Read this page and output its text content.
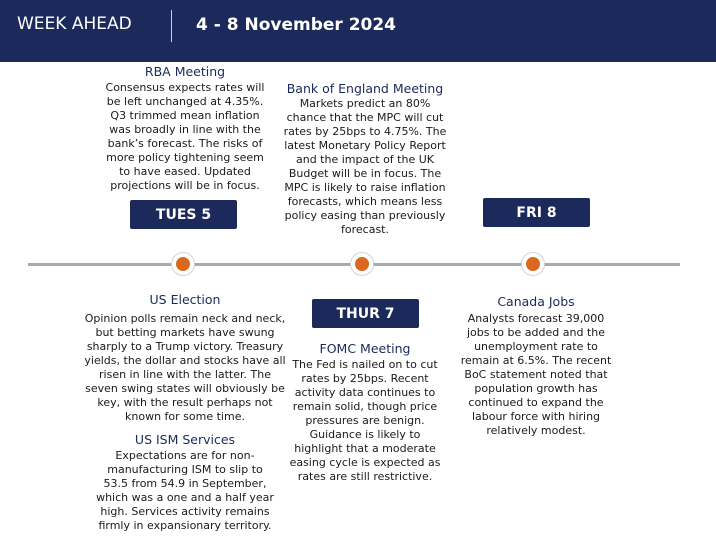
WEEK AHEAD	4 - 8 November 2024
RBA Meeting
Consensus expects rates will be left unchanged at 4.35%. Q3 trimmed mean inflation was broadly in line with the bank’s forecast. The risks of more policy tightening seem to have eased. Updated projections will be in focus.
Bank of England Meeting
Markets predict an 80% chance that the MPC will cut rates by 25bps to 4.75%. The latest Monetary Policy Report and the impact of the UK Budget will be in focus. The MPC is likely to raise inflation forecasts, which means less policy easing than previously forecast.
TUES 5	FRI 8
THUR 7
US Election
Opinion polls remain neck and neck, but betting markets have swung sharply to a Trump victory. Treasury yields, the dollar and stocks have all risen in line with the latter. The seven swing states will obviously be key, with the result perhaps not known for some time.
US ISM Services
Expectations are for non-manufacturing ISM to slip to 53.5 from 54.9 in September, which was a one and a half year high. Services activity remains firmly in expansionary territory.
FOMC Meeting
The Fed is nailed on to cut rates by 25bps. Recent activity data continues to remain solid, though price pressures are benign. Guidance is likely to highlight that a moderate easing cycle is expected as rates are still restrictive.
Canada Jobs
Analysts forecast 39,000 jobs to be added and the unemployment rate to remain at 6.5%. The recent BoC statement noted that population growth has continued to expand the labour force with hiring relatively modest.
